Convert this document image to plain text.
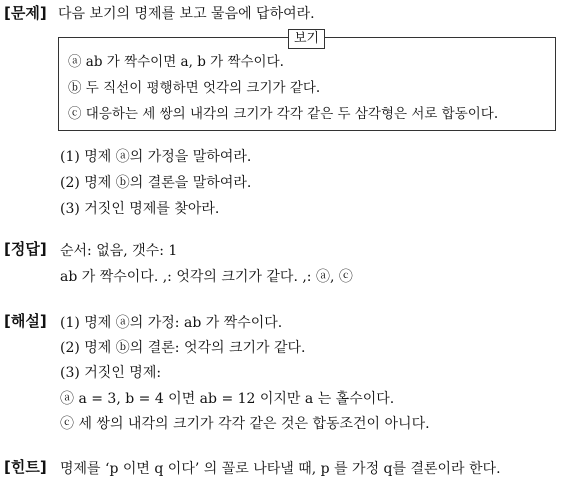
[문제] 다음 보기의 명제를 보고 물음에 답하여라.
보기
ⓐ ab 가 짝수이면 a, b 가 짝수이다.
ⓑ 두 직선이 평행하면 엇각의 크기가 같다.
ⓒ 대응하는 세 쌍의 내각의 크기가 각각 같은 두 삼각형은 서로 합동이다.
(1) 명제 ⓐ의 가정을 말하여라.
(2) 명제 ⓑ의 결론을 말하여라.
(3) 거짓인 명제를 찾아라.
[정답] 순서: 없음, 갯수: 1
ab 가 짝수이다. ,: 엇각의 크기가 같다. ,: ⓐ, ⓒ
[해설] (1) 명제 ⓐ의 가정: ab 가 짝수이다.
(2) 명제 ⓑ의 결론: 엇각의 크기가 같다.
(3) 거짓인 명제:
ⓐ a = 3, b = 4 이면 ab = 12 이지만 a 는 홀수이다.
ⓒ 세 쌍의 내각의 크기가 각각 같은 것은 합동조건이 아니다.
[힌트] 명제를 ‘p 이면 q 이다’ 의 꼴로 나타낼 때, p 를 가정 q를 결론이라 한다.
